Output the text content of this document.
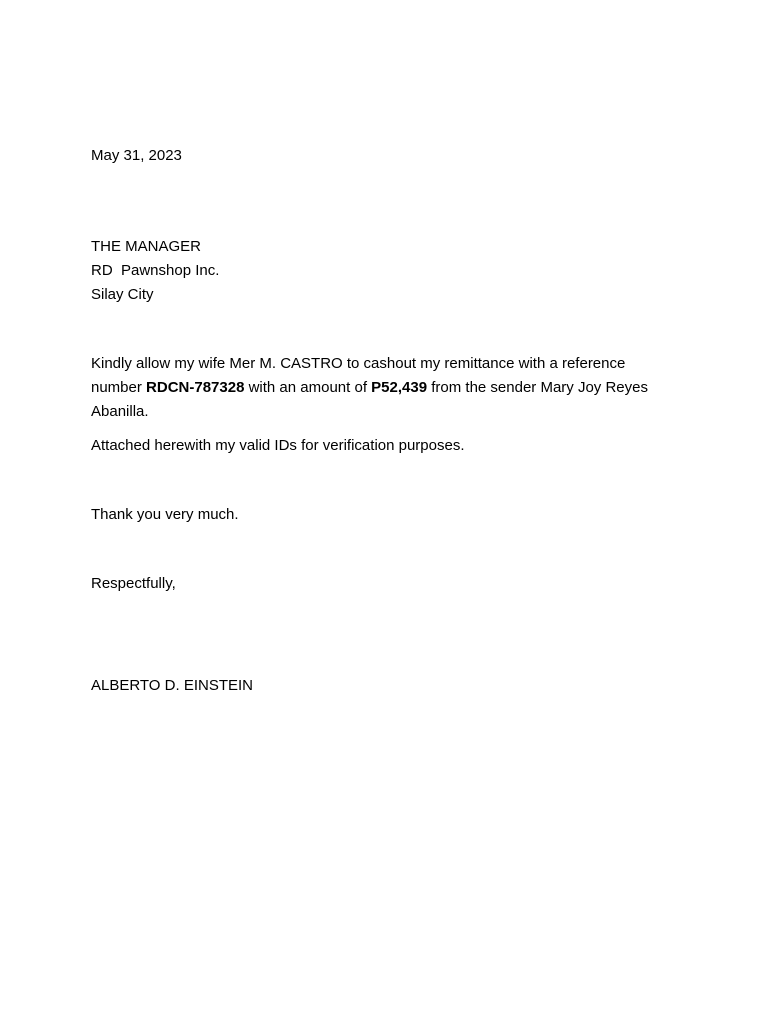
May 31, 2023
THE MANAGER
RD  Pawnshop Inc.
Silay City
Kindly allow my wife Mer M. CASTRO to cashout my remittance with a reference number RDCN-787328 with an amount of P52,439 from the sender Mary Joy Reyes Abanilla.
Attached herewith my valid IDs for verification purposes.
Thank you very much.
Respectfully,
ALBERTO D. EINSTEIN
